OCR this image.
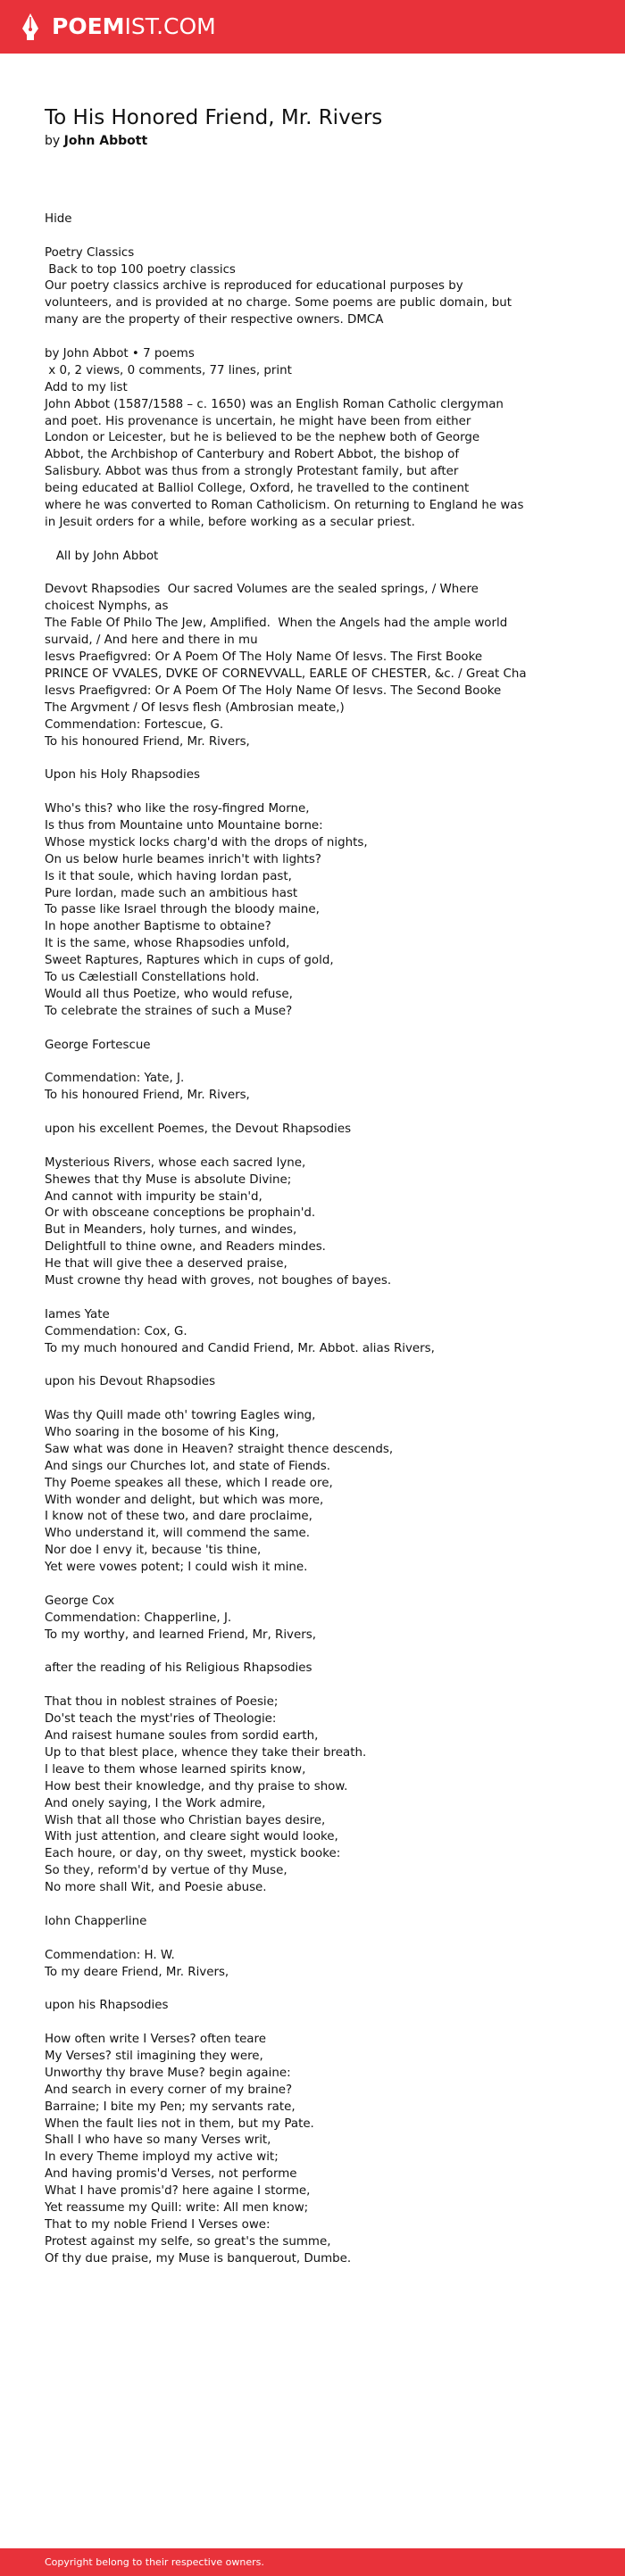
POEMIST.COM
To His Honored Friend, Mr. Rivers
by John Abbott
Hide
Poetry Classics
Back to top 100 poetry classics
Our poetry classics archive is reproduced for educational purposes by
volunteers, and is provided at no charge. Some poems are public domain, but
many are the property of their respective owners. DMCA
by John Abbot • 7 poems
x 0, 2 views, 0 comments, 77 lines, print
Add to my list
John Abbot (1587/1588 – c. 1650) was an English Roman Catholic clergyman
and poet. His provenance is uncertain, he might have been from either
London or Leicester, but he is believed to be the nephew both of George
Abbot, the Archbishop of Canterbury and Robert Abbot, the bishop of
Salisbury. Abbot was thus from a strongly Protestant family, but after
being educated at Balliol College, Oxford, he travelled to the continent
where he was converted to Roman Catholicism. On returning to England he was
in Jesuit orders for a while, before working as a secular priest.
All by John Abbot
Devovt Rhapsodies  Our sacred Volumes are the sealed springs, / Where
choicest Nymphs, as
The Fable Of Philo The Jew, Amplified.  When the Angels had the ample world
survaid, / And here and there in mu
Iesvs Praefigvred: Or A Poem Of The Holy Name Of Iesvs. The First Booke
PRINCE OF VVALES, DVKE OF CORNEVVALL, EARLE OF CHESTER, &c. / Great Cha
Iesvs Praefigvred: Or A Poem Of The Holy Name Of Iesvs. The Second Booke
The Argvment / Of Iesvs flesh (Ambrosian meate,)
Commendation: Fortescue, G.
To his honoured Friend, Mr. Rivers,
Upon his Holy Rhapsodies
Who's this? who like the rosy-fingred Morne,
Is thus from Mountaine unto Mountaine borne:
Whose mystick locks charg'd with the drops of nights,
On us below hurle beames inrich't with lights?
Is it that soule, which having Iordan past,
Pure Iordan, made such an ambitious hast
To passe like Israel through the bloody maine,
In hope another Baptisme to obtaine?
It is the same, whose Rhapsodies unfold,
Sweet Raptures, Raptures which in cups of gold,
To us Cælestiall Constellations hold.
Would all thus Poetize, who would refuse,
To celebrate the straines of such a Muse?
George Fortescue
Commendation: Yate, J.
To his honoured Friend, Mr. Rivers,
upon his excellent Poemes, the Devout Rhapsodies
Mysterious Rivers, whose each sacred lyne,
Shewes that thy Muse is absolute Divine;
And cannot with impurity be stain'd,
Or with obsceane conceptions be prophain'd.
But in Meanders, holy turnes, and windes,
Delightfull to thine owne, and Readers mindes.
He that will give thee a deserved praise,
Must crowne thy head with groves, not boughes of bayes.
Iames Yate
Commendation: Cox, G.
To my much honoured and Candid Friend, Mr. Abbot. alias Rivers,
upon his Devout Rhapsodies
Was thy Quill made oth' towring Eagles wing,
Who soaring in the bosome of his King,
Saw what was done in Heaven? straight thence descends,
And sings our Churches lot, and state of Fiends.
Thy Poeme speakes all these, which I reade ore,
With wonder and delight, but which was more,
I know not of these two, and dare proclaime,
Who understand it, will commend the same.
Nor doe I envy it, because 'tis thine,
Yet were vowes potent; I could wish it mine.
George Cox
Commendation: Chapperline, J.
To my worthy, and learned Friend, Mr, Rivers,
after the reading of his Religious Rhapsodies
That thou in noblest straines of Poesie;
Do'st teach the myst'ries of Theologie:
And raisest humane soules from sordid earth,
Up to that blest place, whence they take their breath.
I leave to them whose learned spirits know,
How best their knowledge, and thy praise to show.
And onely saying, I the Work admire,
Wish that all those who Christian bayes desire,
With just attention, and cleare sight would looke,
Each houre, or day, on thy sweet, mystick booke:
So they, reform'd by vertue of thy Muse,
No more shall Wit, and Poesie abuse.
Iohn Chapperline
Commendation: H. W.
To my deare Friend, Mr. Rivers,
upon his Rhapsodies
How often write I Verses? often teare
My Verses? stil imagining they were,
Unworthy thy brave Muse? begin againe:
And search in every corner of my braine?
Barraine; I bite my Pen; my servants rate,
When the fault lies not in them, but my Pate.
Shall I who have so many Verses writ,
In every Theme imployd my active wit;
And having promis'd Verses, not performe
What I have promis'd? here againe I storme,
Yet reassume my Quill: write: All men know;
That to my noble Friend I Verses owe:
Protest against my selfe, so great's the summe,
Of thy due praise, my Muse is banquerout, Dumbe.
Copyright belong to their respective owners.
